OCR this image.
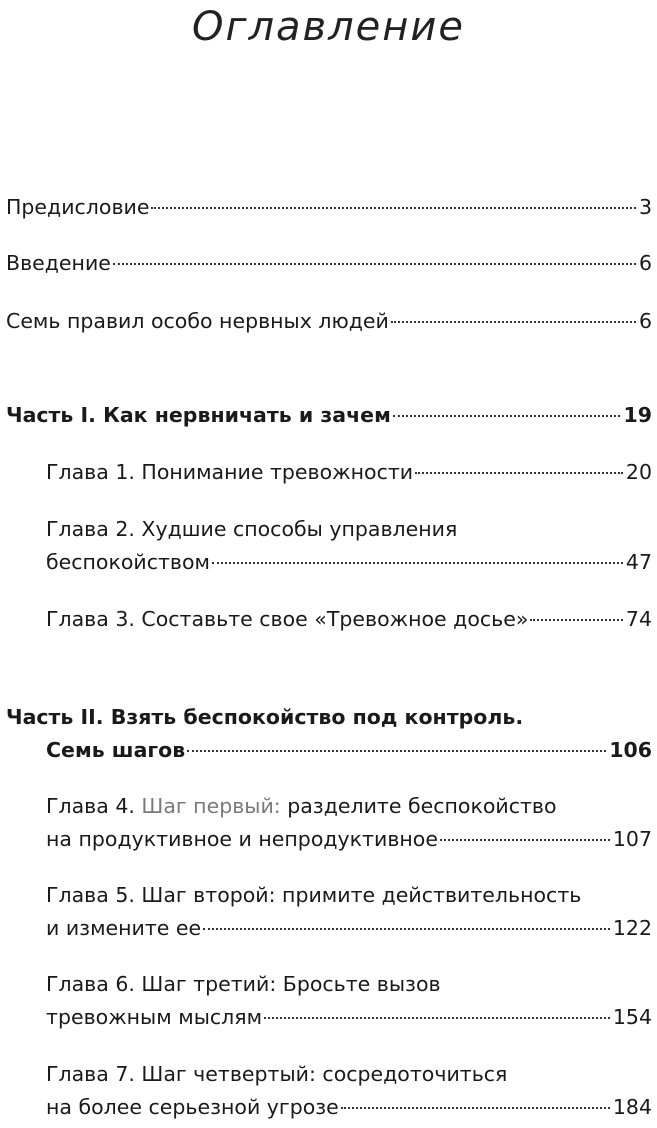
Оглавление
Предисловие	3
Введение	6
Семь правил особо нервных людей	6
Часть I. Как нервничать и зачем	19
Глава 1. Понимание тревожности	20
Глава 2. Худшие способы управления
беспокойством	47
Глава 3. Составьте свое «Тревожное досье»	74
Часть II. Взять беспокойство под контроль.
Семь шагов	106
Глава 4. Шаг первый: разделите беспокойство
на продуктивное и непродуктивное	107
Глава 5. Шаг второй: примите действительность
и измените ее	122
Глава 6. Шаг третий: Бросьте вызов
тревожным мыслям	154
Глава 7. Шаг четвертый: сосредоточиться
на более серьезной угрозе	184
